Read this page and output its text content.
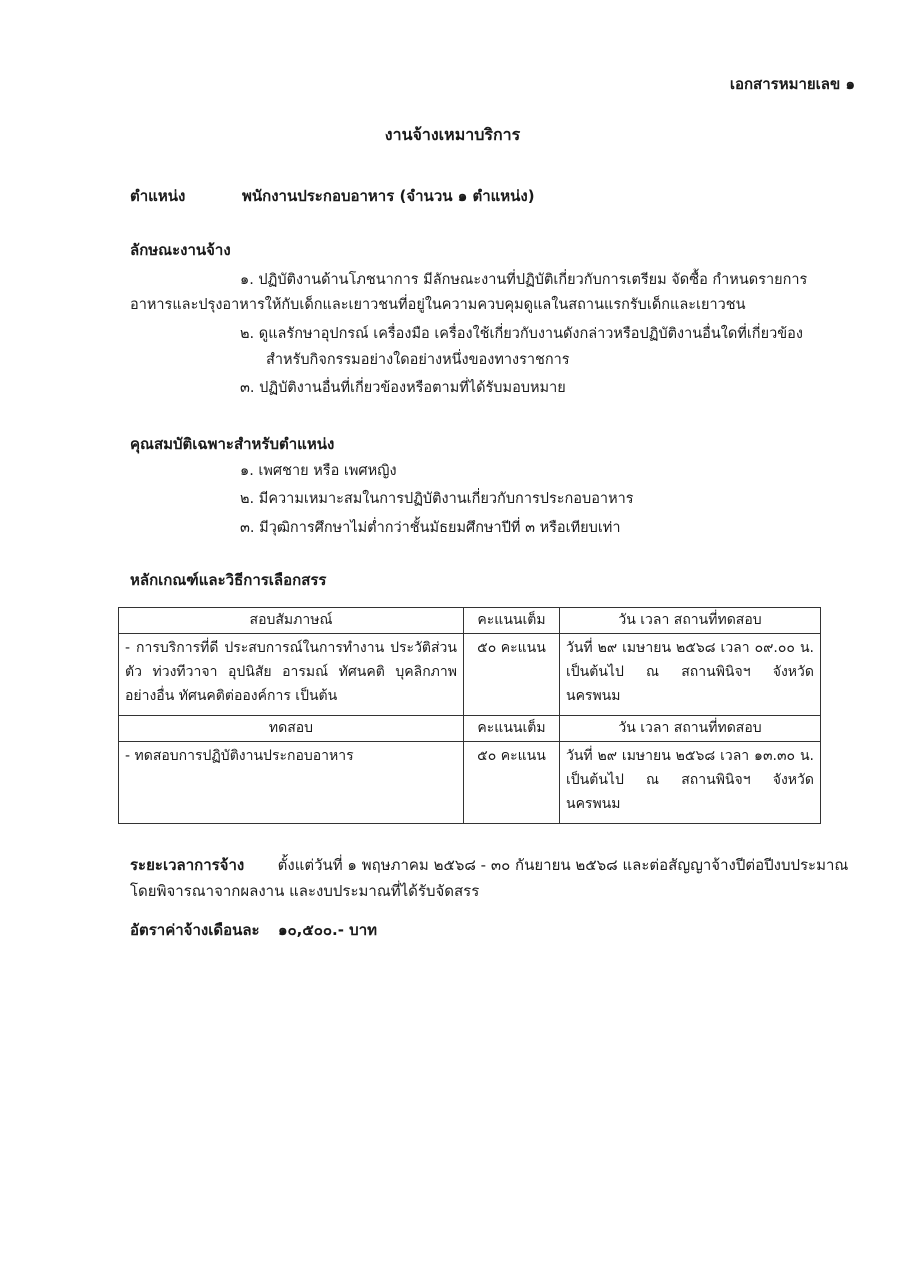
เอกสารหมายเลข ๑
งานจ้างเหมาบริการ
ตำแหน่ง	พนักงานประกอบอาหาร (จำนวน ๑ ตำแหน่ง)
ลักษณะงานจ้าง
๑. ปฏิบัติงานด้านโภชนาการ มีลักษณะงานที่ปฏิบัติเกี่ยวกับการเตรียม จัดซื้อ กำหนดรายการ
อาหารและปรุงอาหารให้กับเด็กและเยาวชนที่อยู่ในความควบคุมดูแลในสถานแรกรับเด็กและเยาวชน
๒. ดูแลรักษาอุปกรณ์ เครื่องมือ เครื่องใช้เกี่ยวกับงานดังกล่าวหรือปฏิบัติงานอื่นใดที่เกี่ยวข้อง
สำหรับกิจกรรมอย่างใดอย่างหนึ่งของทางราชการ
๓. ปฏิบัติงานอื่นที่เกี่ยวข้องหรือตามที่ได้รับมอบหมาย
คุณสมบัติเฉพาะสำหรับตำแหน่ง
๑. เพศชาย หรือ เพศหญิง
๒. มีความเหมาะสมในการปฏิบัติงานเกี่ยวกับการประกอบอาหาร
๓. มีวุฒิการศึกษาไม่ต่ำกว่าชั้นมัธยมศึกษาปีที่ ๓ หรือเทียบเท่า
หลักเกณฑ์และวิธีการเลือกสรร
สอบสัมภาษณ์	คะแนนเต็ม	วัน เวลา สถานที่ทดสอบ
- การบริการที่ดี ประสบการณ์ในการทำงาน ประวัติส่วนตัว ท่วงทีวาจา อุปนิสัย อารมณ์ ทัศนคติ บุคลิกภาพอย่างอื่น ทัศนคติต่อองค์การ เป็นต้น	๕๐ คะแนน	วันที่ ๒๙ เมษายน ๒๕๖๘ เวลา ๐๙.๐๐ น. เป็นต้นไป ณ สถานพินิจฯ จังหวัดนครพนม
ทดสอบ	คะแนนเต็ม	วัน เวลา สถานที่ทดสอบ
- ทดสอบการปฏิบัติงานประกอบอาหาร	๕๐ คะแนน	วันที่ ๒๙ เมษายน ๒๕๖๘ เวลา ๑๓.๓๐ น. เป็นต้นไป ณ สถานพินิจฯ จังหวัดนครพนม
ระยะเวลาการจ้าง ตั้งแต่วันที่ ๑ พฤษภาคม ๒๕๖๘ - ๓๐ กันยายน ๒๕๖๘ และต่อสัญญาจ้างปีต่อปีงบประมาณ โดยพิจารณาจากผลงาน และงบประมาณที่ได้รับจัดสรร
อัตราค่าจ้างเดือนละ ๑๐,๕๐๐.- บาท
